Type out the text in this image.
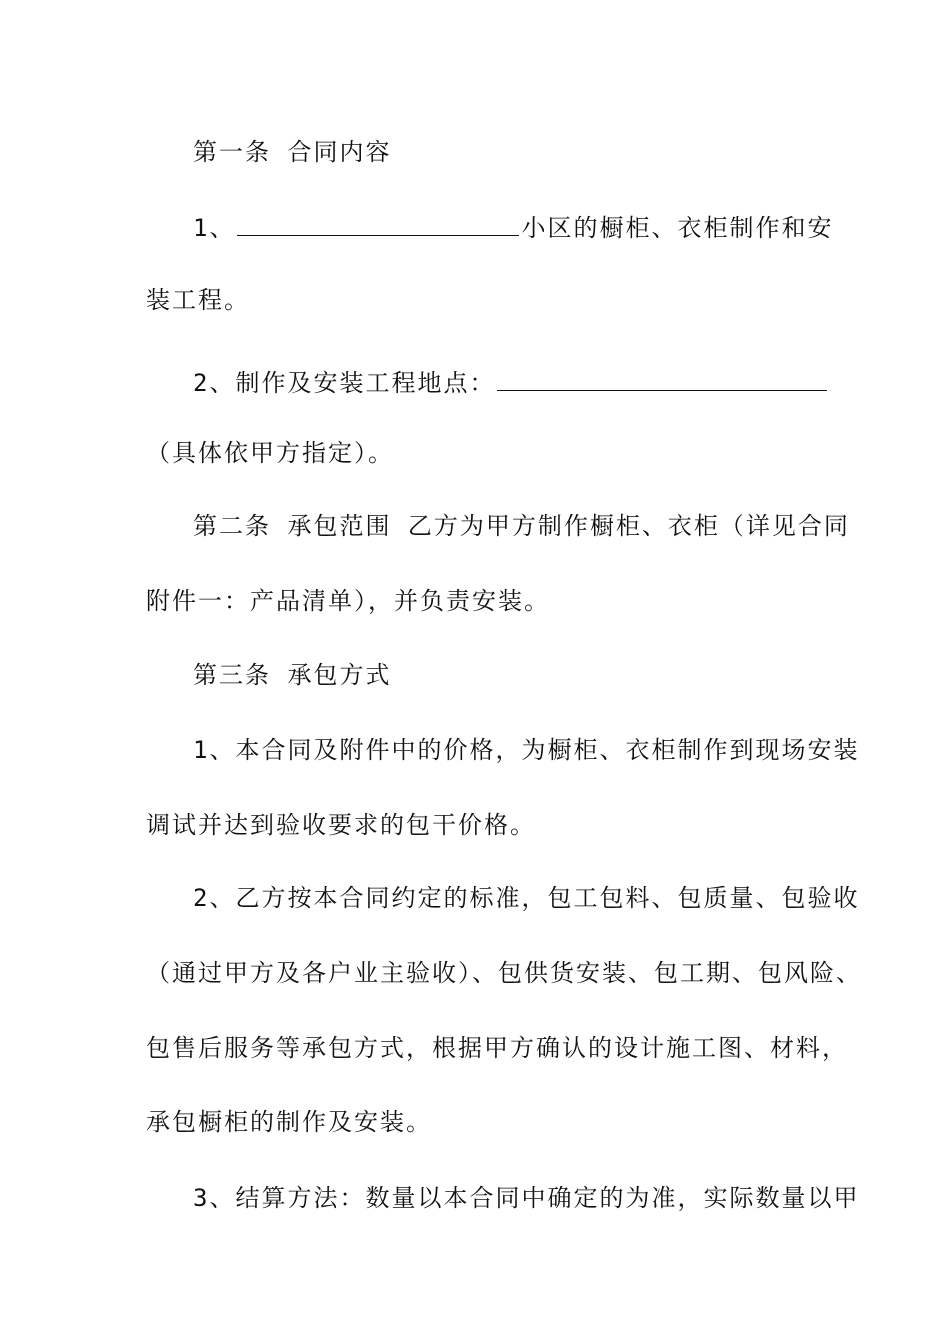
第一条 合同内容
1、	小区的橱柜、衣柜制作和安
装工程。
2、制作及安装工程地点：
（具体依甲方指定）。
第二条 承包范围 乙方为甲方制作橱柜、衣柜（详见合同
附件一：产品清单），并负责安装。
第三条 承包方式
1、本合同及附件中的价格，为橱柜、衣柜制作到现场安装
调试并达到验收要求的包干价格。
2、乙方按本合同约定的标准，包工包料、包质量、包验收
（通过甲方及各户业主验收）、包供货安装、包工期、包风险、
包售后服务等承包方式，根据甲方确认的设计施工图、材料，
承包橱柜的制作及安装。
3、结算方法：数量以本合同中确定的为准，实际数量以甲
